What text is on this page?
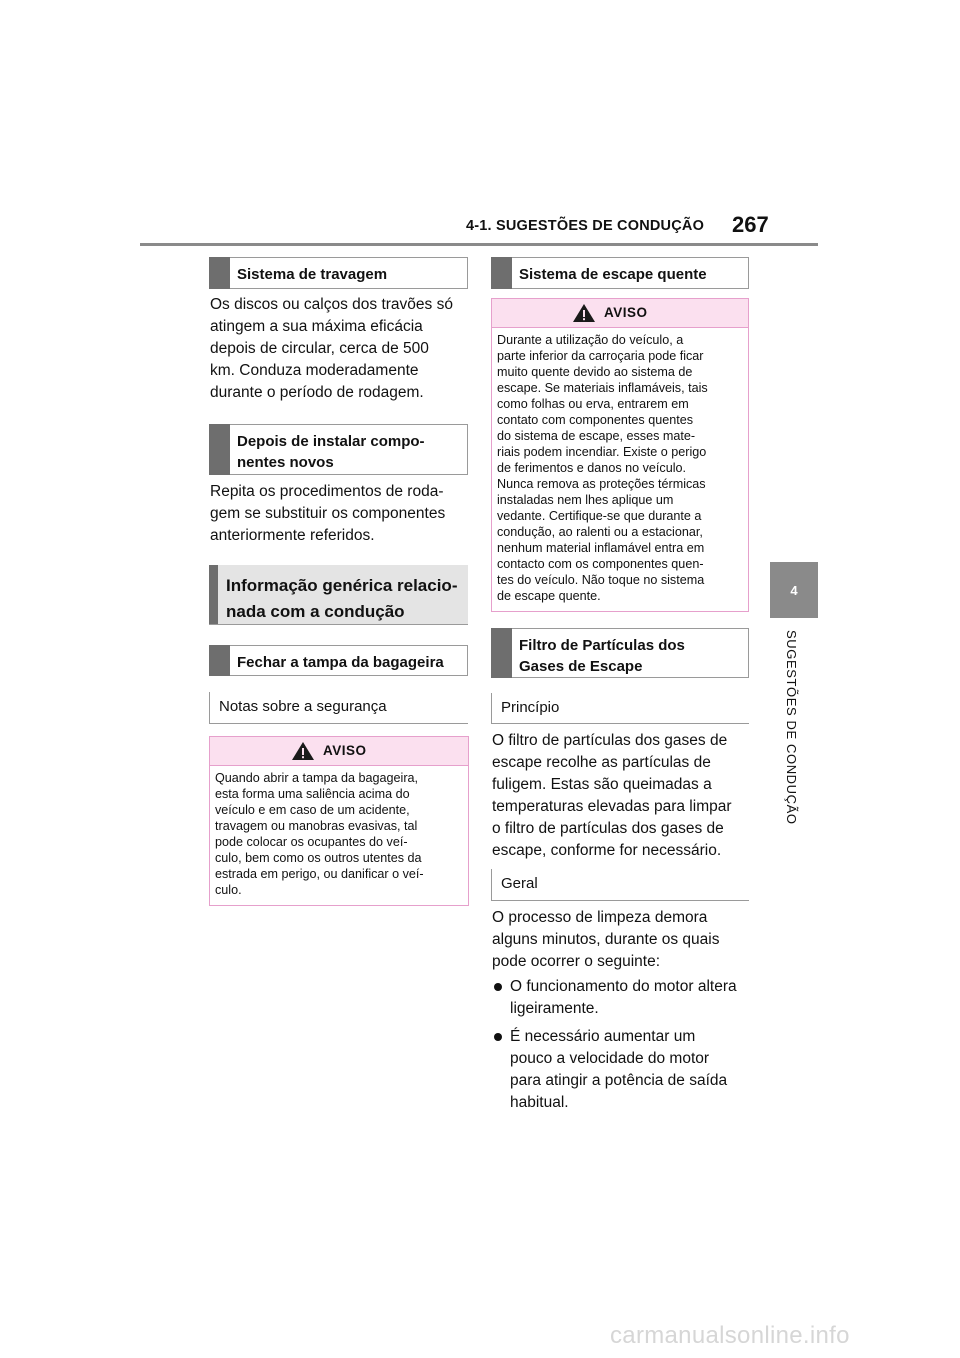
4-1. SUGESTÕES DE CONDUÇÃO 267
4
SUGESTÕES DE CONDUÇÃO
Sistema de travagem
Os discos ou calços dos travões só
atingem a sua máxima eficácia
depois de circular, cerca de 500
km. Conduza moderadamente
durante o período de rodagem.
Depois de instalar compo-
nentes novos
Repita os procedimentos de roda-
gem se substituir os componentes
anteriormente referidos.
Informação genérica relacio-
nada com a condução
Fechar a tampa da bagageira
Notas sobre a segurança
AVISO
Quando abrir a tampa da bagageira,
esta forma uma saliência acima do
veículo e em caso de um acidente,
travagem ou manobras evasivas, tal
pode colocar os ocupantes do veí-
culo, bem como os outros utentes da
estrada em perigo, ou danificar o veí-
culo.
Sistema de escape quente
AVISO
Durante a utilização do veículo, a
parte inferior da carroçaria pode ficar
muito quente devido ao sistema de
escape. Se materiais inflamáveis, tais
como folhas ou erva, entrarem em
contato com componentes quentes
do sistema de escape, esses mate-
riais podem incendiar. Existe o perigo
de ferimentos e danos no veículo.
Nunca remova as proteções térmicas
instaladas nem lhes aplique um
vedante. Certifique-se que durante a
condução, ao ralenti ou a estacionar,
nenhum material inflamável entra em
contacto com os componentes quen-
tes do veículo. Não toque no sistema
de escape quente.
Filtro de Partículas dos
Gases de Escape
Princípio
O filtro de partículas dos gases de
escape recolhe as partículas de
fuligem. Estas são queimadas a
temperaturas elevadas para limpar
o filtro de partículas dos gases de
escape, conforme for necessário.
Geral
O processo de limpeza demora
alguns minutos, durante os quais
pode ocorrer o seguinte:
O funcionamento do motor altera
ligeiramente.
É necessário aumentar um
pouco a velocidade do motor
para atingir a potência de saída
habitual.
carmanualsonline.info
